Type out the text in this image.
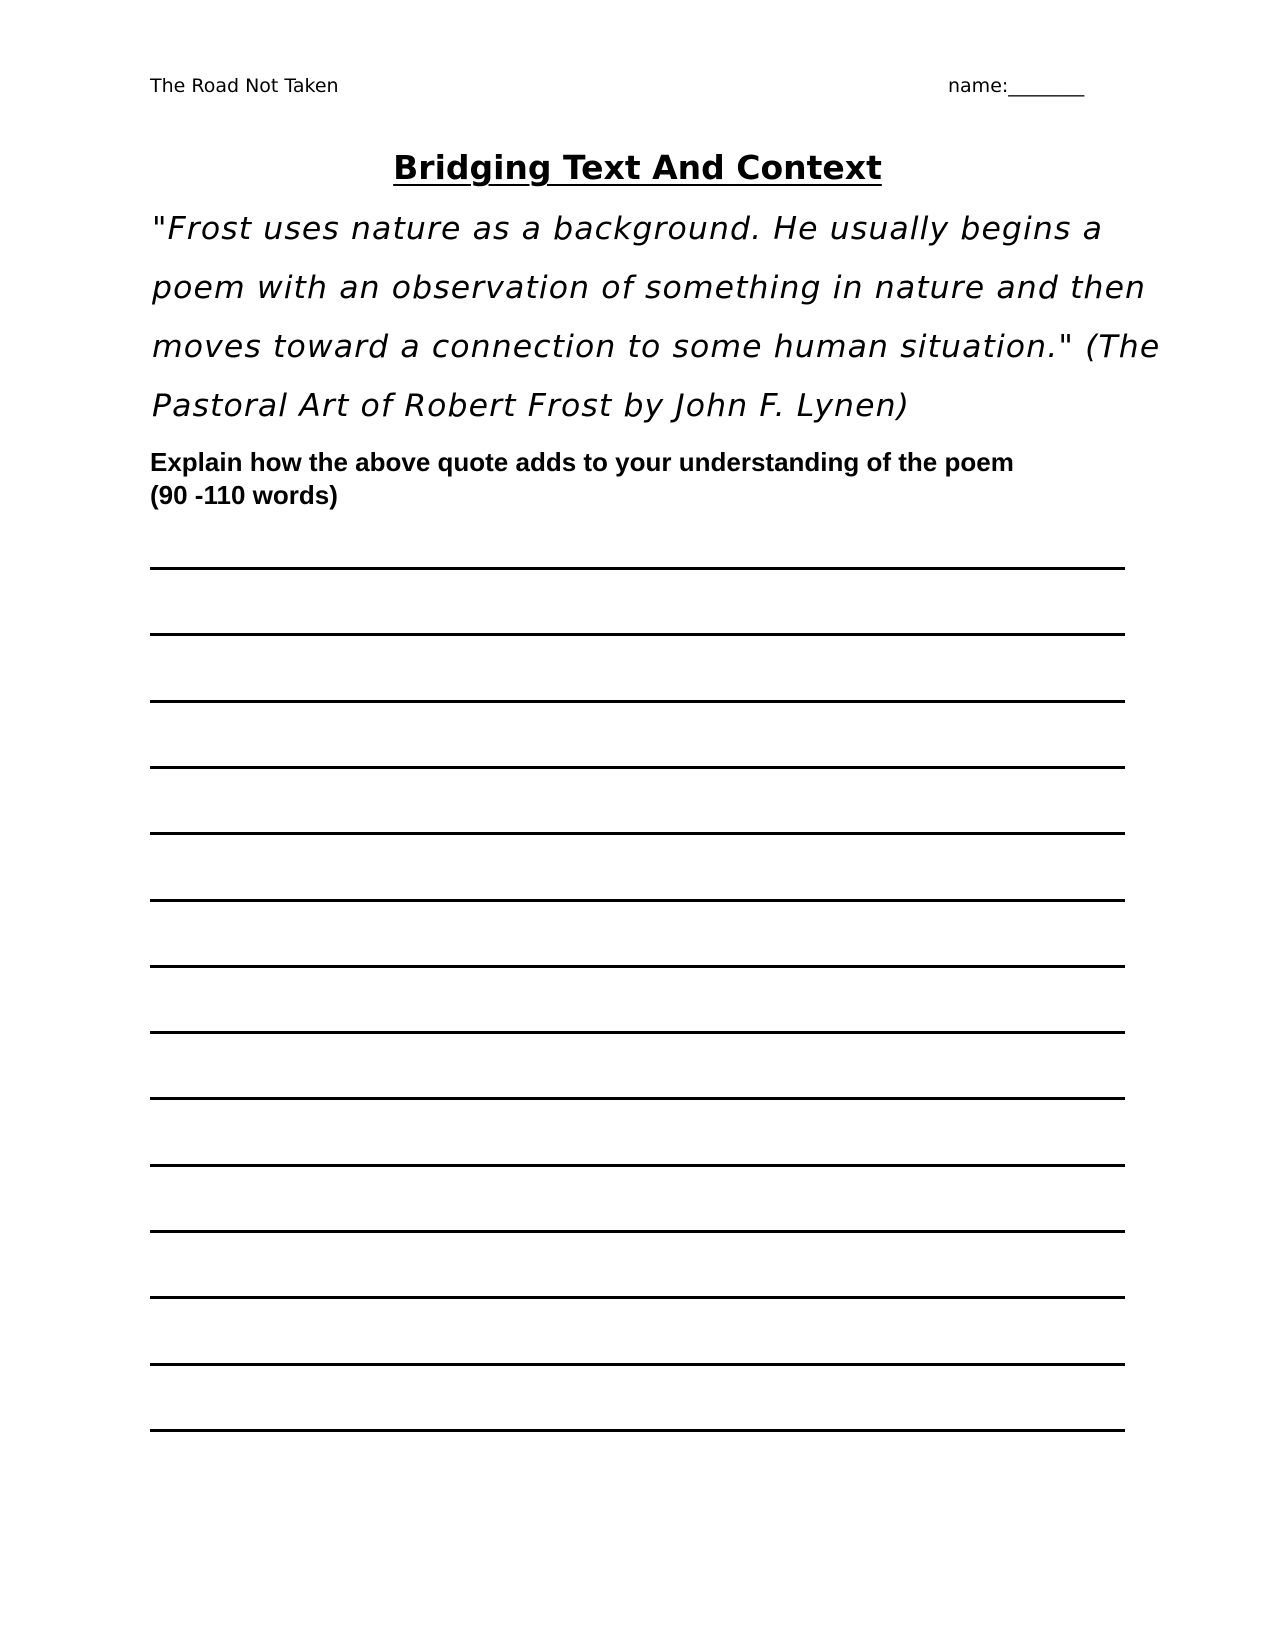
The Road Not Taken	name:________
Bridging Text And Context

"Frost uses nature as a background. He usually begins a
poem with an observation of something in nature and then
moves toward a connection to some human situation." (The
Pastoral Art of Robert Frost by John F. Lynen)

Explain how the above quote adds to your understanding of the poem
(90 -110 words)
